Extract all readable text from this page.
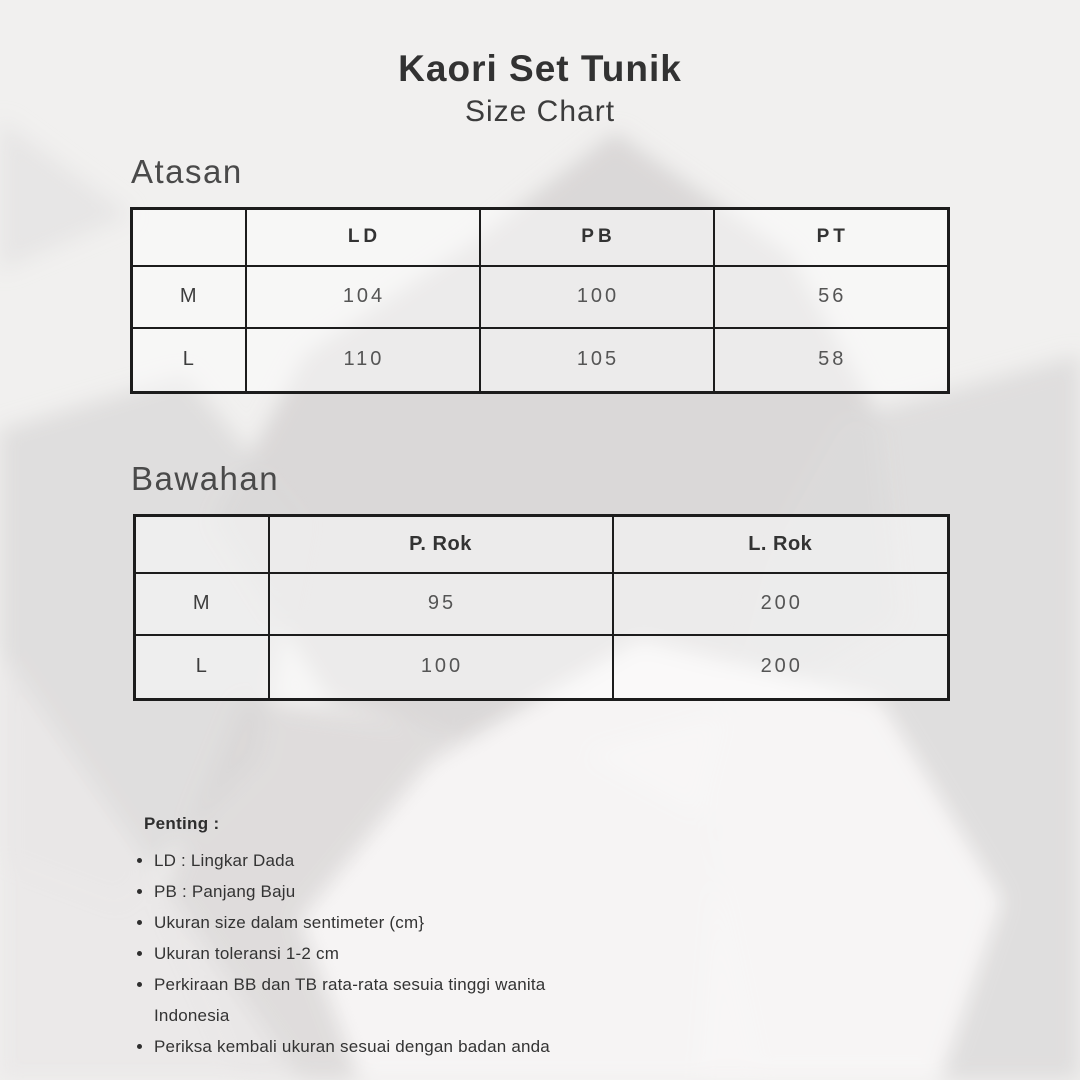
Kaori Set Tunik
Size Chart
Atasan
	LD	PB	PT
M	104	100	56
L	110	105	58
Bawahan
	P. Rok	L. Rok
M	95	200
L	100	200
Penting :
LD : Lingkar Dada
PB : Panjang Baju
Ukuran size dalam sentimeter (cm}
Ukuran toleransi 1-2 cm
Perkiraan BB dan TB rata-rata sesuia tinggi wanita Indonesia
Periksa kembali ukuran sesuai dengan badan anda
